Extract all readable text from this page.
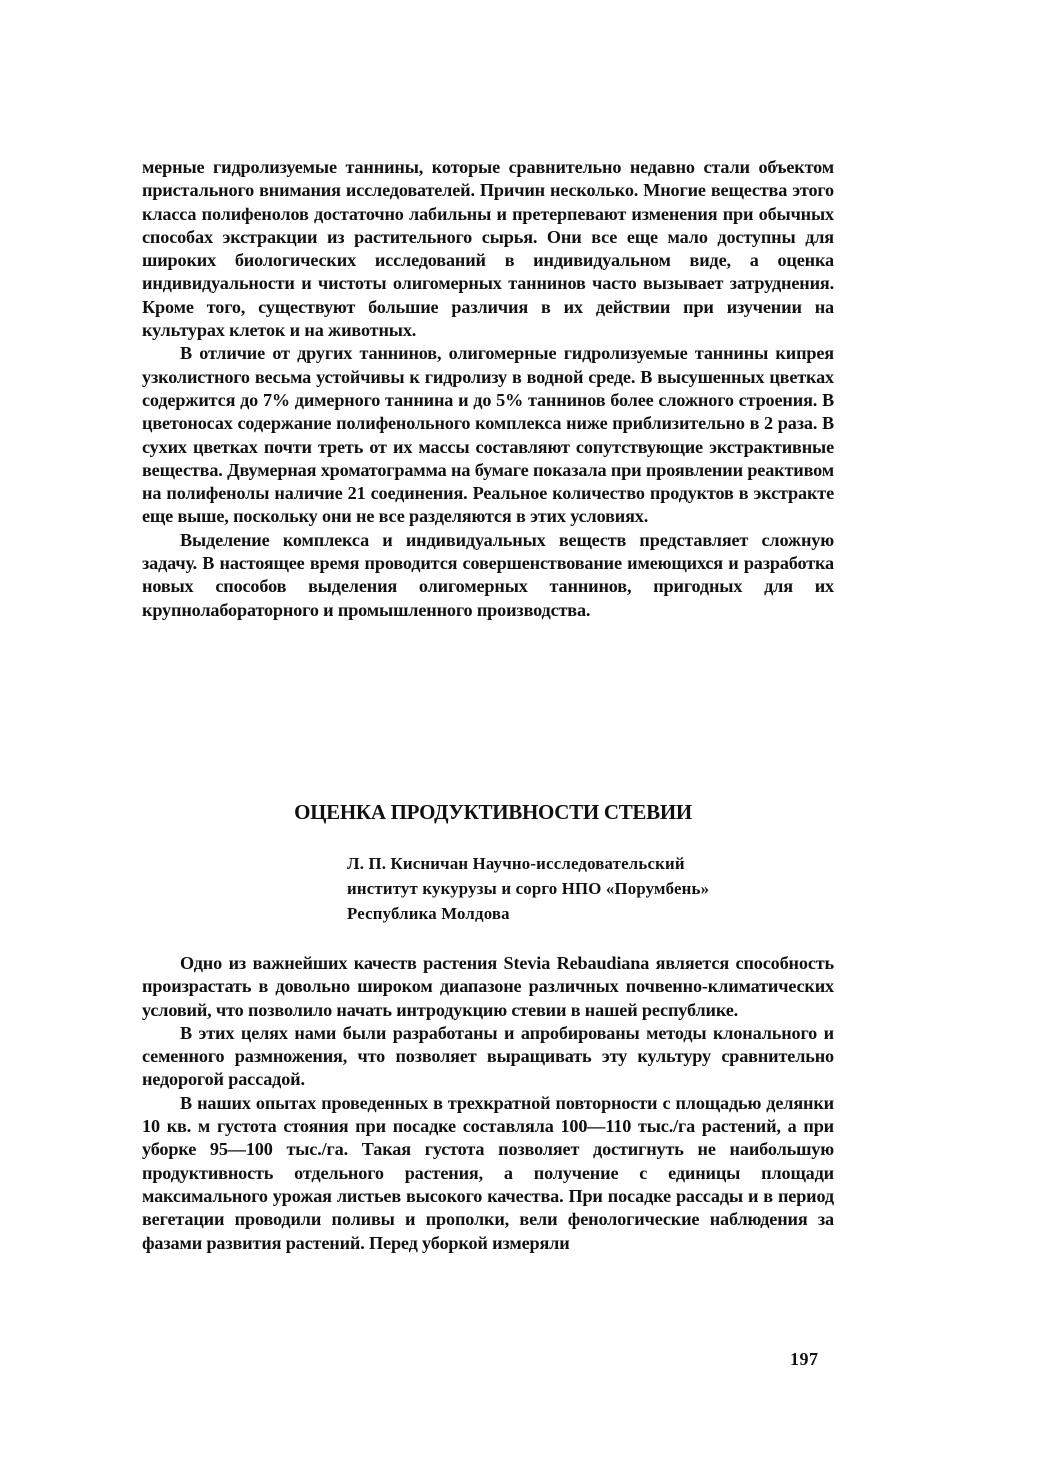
мерные гидролизуемые таннины, которые сравнительно недавно стали объектом пристального внимания исследователей. Причин несколько. Многие вещества этого класса полифенолов достаточно лабильны и претерпевают изменения при обычных способах экстракции из растительного сырья. Они все еще мало доступны для широких биологических исследований в индивидуальном виде, а оценка индивидуальности и чистоты олигомерных таннинов часто вызывает затруднения. Кроме того, существуют большие различия в их действии при изучении на культурах клеток и на животных.

В отличие от других таннинов, олигомерные гидролизуемые таннины кипрея узколистного весьма устойчивы к гидролизу в водной среде. В высушенных цветках содержится до 7% димерного таннина и до 5% таннинов более сложного строения. В цветоносах содержание полифенольного комплекса ниже приблизительно в 2 раза. В сухих цветках почти треть от их массы составляют сопутствующие экстрактивные вещества. Двумерная хроматограмма на бумаге показала при проявлении реактивом на полифенолы наличие 21 соединения. Реальное количество продуктов в экстракте еще выше, поскольку они не все разделяются в этих условиях.

Выделение комплекса и индивидуальных веществ представляет сложную задачу. В настоящее время проводится совершенствование имеющихся и разработка новых способов выделения олигомерных таннинов, пригодных для их крупнолабораторного и промышленного производства.

ОЦЕНКА ПРОДУКТИВНОСТИ СТЕВИИ
Л. П. Кисничан Научно-исследовательский
институт кукурузы и сорго НПО «Порумбень»
Республика Молдова

Одно из важнейших качеств растения Stevia Rebaudiana является способность произрастать в довольно широком диапазоне различных почвенно-климатических условий, что позволило начать интродукцию стевии в нашей республике.

В этих целях нами были разработаны и апробированы методы клонального и семенного размножения, что позволяет выращивать эту культуру сравнительно недорогой рассадой.

В наших опытах проведенных в трехкратной повторности с площадью делянки 10 кв. м густота стояния при посадке составляла 100—110 тыс./га растений, а при уборке 95—100 тыс./га. Такая густота позволяет достигнуть не наибольшую продуктивность отдельного растения, а получение с единицы площади максимального урожая листьев высокого качества. При посадке рассады и в период вегетации проводили поливы и прополки, вели фенологические наблюдения за фазами развития растений. Перед уборкой измеряли

197
